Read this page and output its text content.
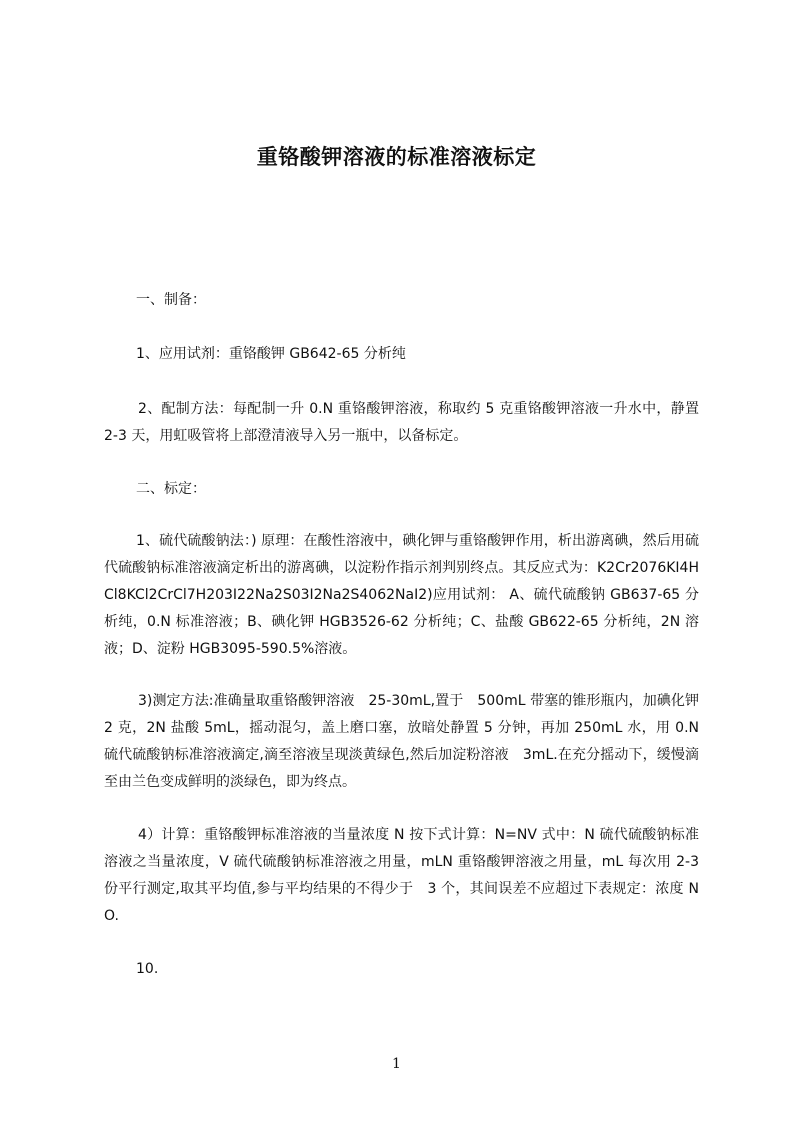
重铬酸钾溶液的标准溶液标定
一、制备：
1、应用试剂：重铬酸钾 GB642-65 分析纯
2、配制方法：每配制一升 0.N 重铬酸钾溶液，称取约 5 克重铬酸钾溶液一升水中，静置 2-3 天，用虹吸管将上部澄清液导入另一瓶中，以备标定。
二、标定：
1、硫代硫酸钠法：) 原理：在酸性溶液中，碘化钾与重铬酸钾作用，析出游离碘，然后用硫代硫酸钠标准溶液滴定析出的游离碘，以淀粉作指示剂判别终点。其反应式为：K2Cr2076KI4HCl8KCl2CrCl7H203I22Na2S03I2Na2S4062NaI2)应用试剂： A、硫代硫酸钠 GB637-65 分析纯，0.N 标准溶液；B、碘化钾 HGB3526-62 分析纯；C、盐酸 GB622-65 分析纯，2N 溶液；D、淀粉 HGB3095-590.5%溶液。
3)测定方法:准确量取重铬酸钾溶液　25-30mL,置于　500mL 带塞的锥形瓶内，加碘化钾 2 克，2N 盐酸 5mL，摇动混匀，盖上磨口塞，放暗处静置 5 分钟，再加 250mL 水，用 0.N 硫代硫酸钠标准溶液滴定,滴至溶液呈现淡黄绿色,然后加淀粉溶液　3mL.在充分摇动下，缓慢滴至由兰色变成鲜明的淡绿色，即为终点。
4）计算：重铬酸钾标准溶液的当量浓度 N 按下式计算：N=NV 式中：N 硫代硫酸钠标准溶液之当量浓度，V 硫代硫酸钠标准溶液之用量，mLN 重铬酸钾溶液之用量，mL 每次用 2-3 份平行测定,取其平均值,参与平均结果的不得少于　3 个，其间误差不应超过下表规定：浓度 NO.
10.
1
